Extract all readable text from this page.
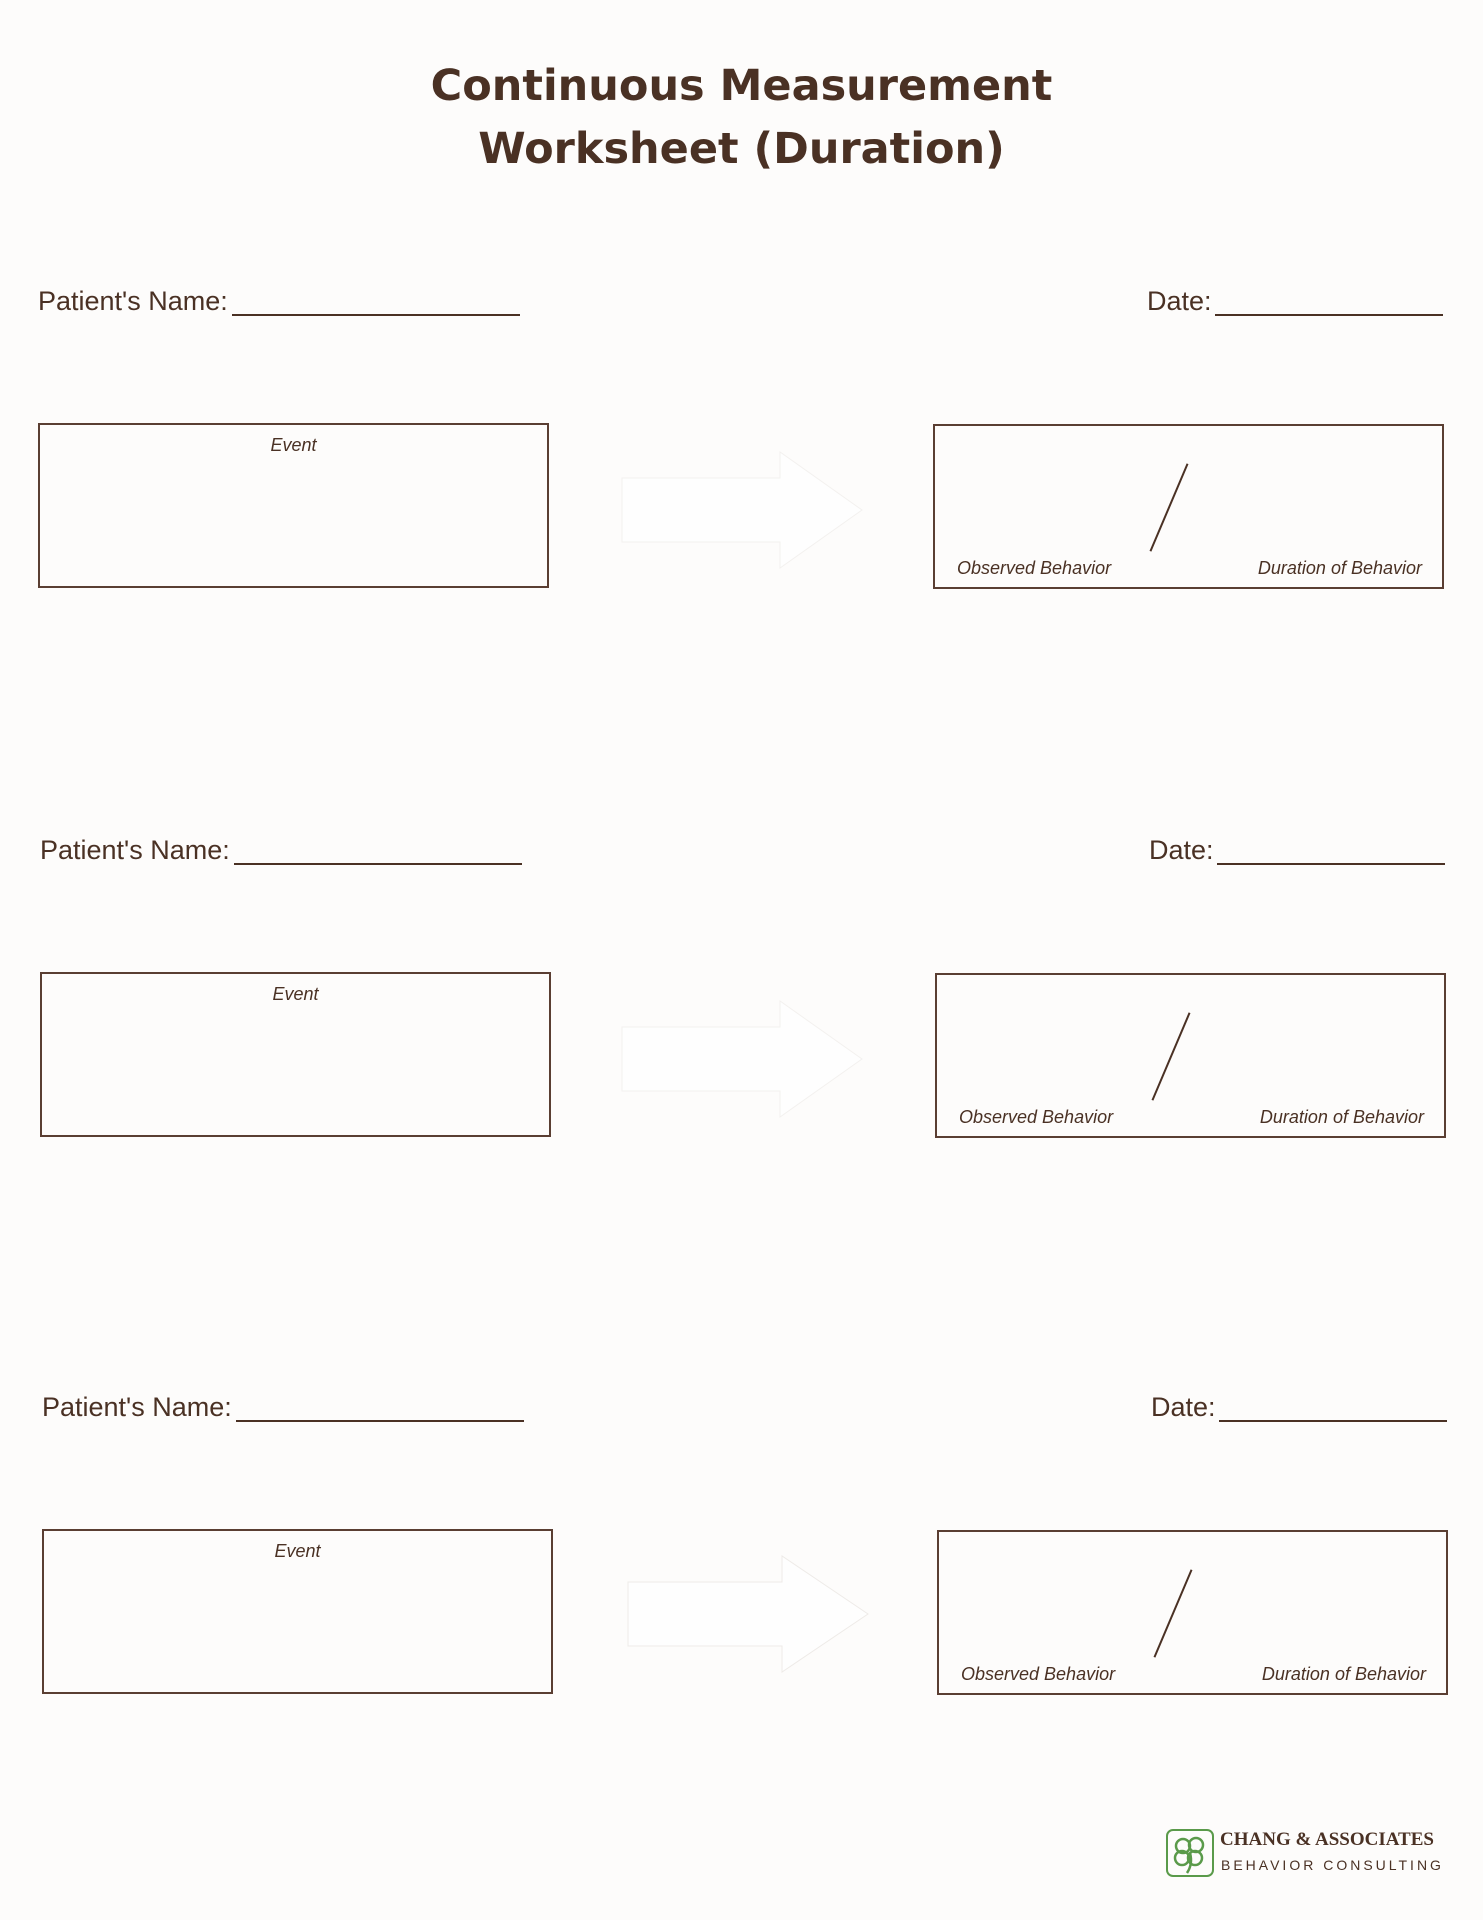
Continuous Measurement
Worksheet (Duration)
Patient's Name:	Date:
Event
Observed Behavior	Duration of Behavior
Patient's Name:	Date:
Event
Observed Behavior	Duration of Behavior
Patient's Name:	Date:
Event
Observed Behavior	Duration of Behavior
CHANG & ASSOCIATES
BEHAVIOR CONSULTING
